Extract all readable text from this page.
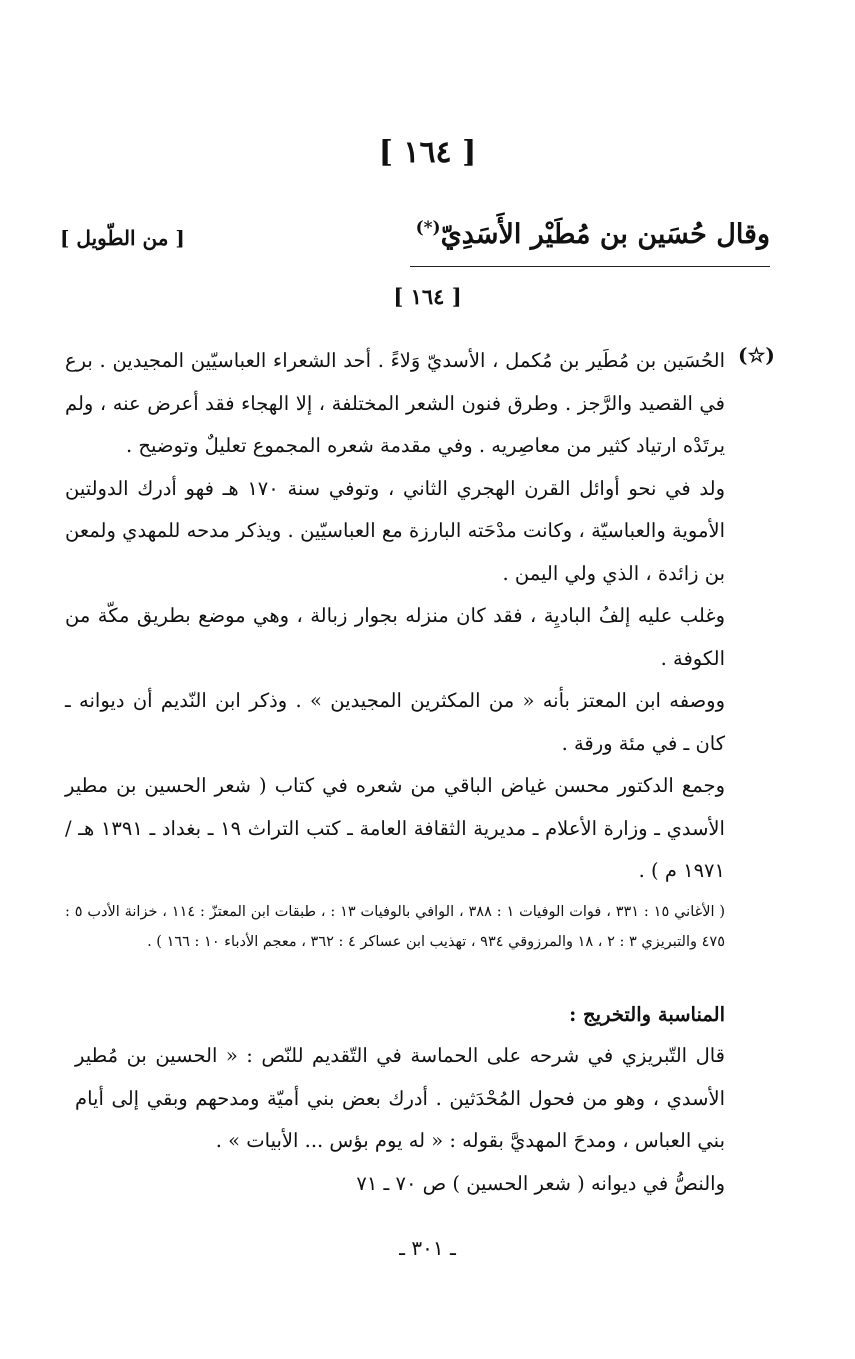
[ ١٦٤ ]
وقال حُسَين بن مُطَيْر الأَسَدِيّ(*)
[ من الطّويل ]
[ ١٦٤ ]
(☆)

الحُسَين بن مُطَير بن مُكمل ، الأسديّ وَلاءً . أحد الشعراء العباسيّين المجيدين . برع في القصيد والرَّجز . وطرق فنون الشعر المختلفة ، إلا الهجاء فقد أعرض عنه ، ولم يرتَدْه ارتياد كثير من معاصِريه . وفي مقدمة شعره المجموع تعليلٌ وتوضيح .

ولد في نحو أوائل القرن الهجري الثاني ، وتوفي سنة ١٧٠ هـ فهو أدرك الدولتين الأموية والعباسيّة ، وكانت مدْحَته البارزة مع العباسيّين . ويذكر مدحه للمهدي ولمعن بن زائدة ، الذي ولي اليمن .

وغلب عليه إلفُ الباديِة ، فقد كان منزله بجوار زبالة ، وهي موضع بطريق مكّة من الكوفة .

ووصفه ابن المعتز بأنه « من المكثرين المجيدين » . وذكر ابن النّديم أن ديوانه ـ كان ـ في مئة ورقة .

وجمع الدكتور محسن غياض الباقي من شعره في كتاب ( شعر الحسين بن مطير الأسدي ـ وزارة الأعلام ـ مديرية الثقافة العامة ـ كتب التراث ١٩ ـ بغداد ـ ١٣٩١ هـ / ١٩٧١ م ) .

( الأغاني ١٥ : ٣٣١ ، فوات الوفيات ١ : ٣٨٨ ، الوافي بالوفيات ١٣ : ، طبقات ابن المعتزّ : ١١٤ ، خزانة الأدب ٥ : ٤٧٥ والتبريزي ٣ : ٢ ، ١٨ والمرزوقي ٩٣٤ ، تهذيب ابن عساكر ٤ : ٣٦٢ ، معجم الأدباء ١٠ : ١٦٦ ) .

المناسبة والتخريج :

قال التّبريزي في شرحه على الحماسة في التّقديم للنّص : « الحسين بن مُطير الأسدي ، وهو من فحول المُحْدَثين . أدرك بعض بني أميّة ومدحهم وبقي إلى أيام بني العباس ، ومدحَ المهديَّ بقوله : « له يوم بؤس ... الأبيات » .

والنصُّ في ديوانه ( شعر الحسين ) ص ٧٠ ـ ٧١

ـ ٣٠١ ـ
